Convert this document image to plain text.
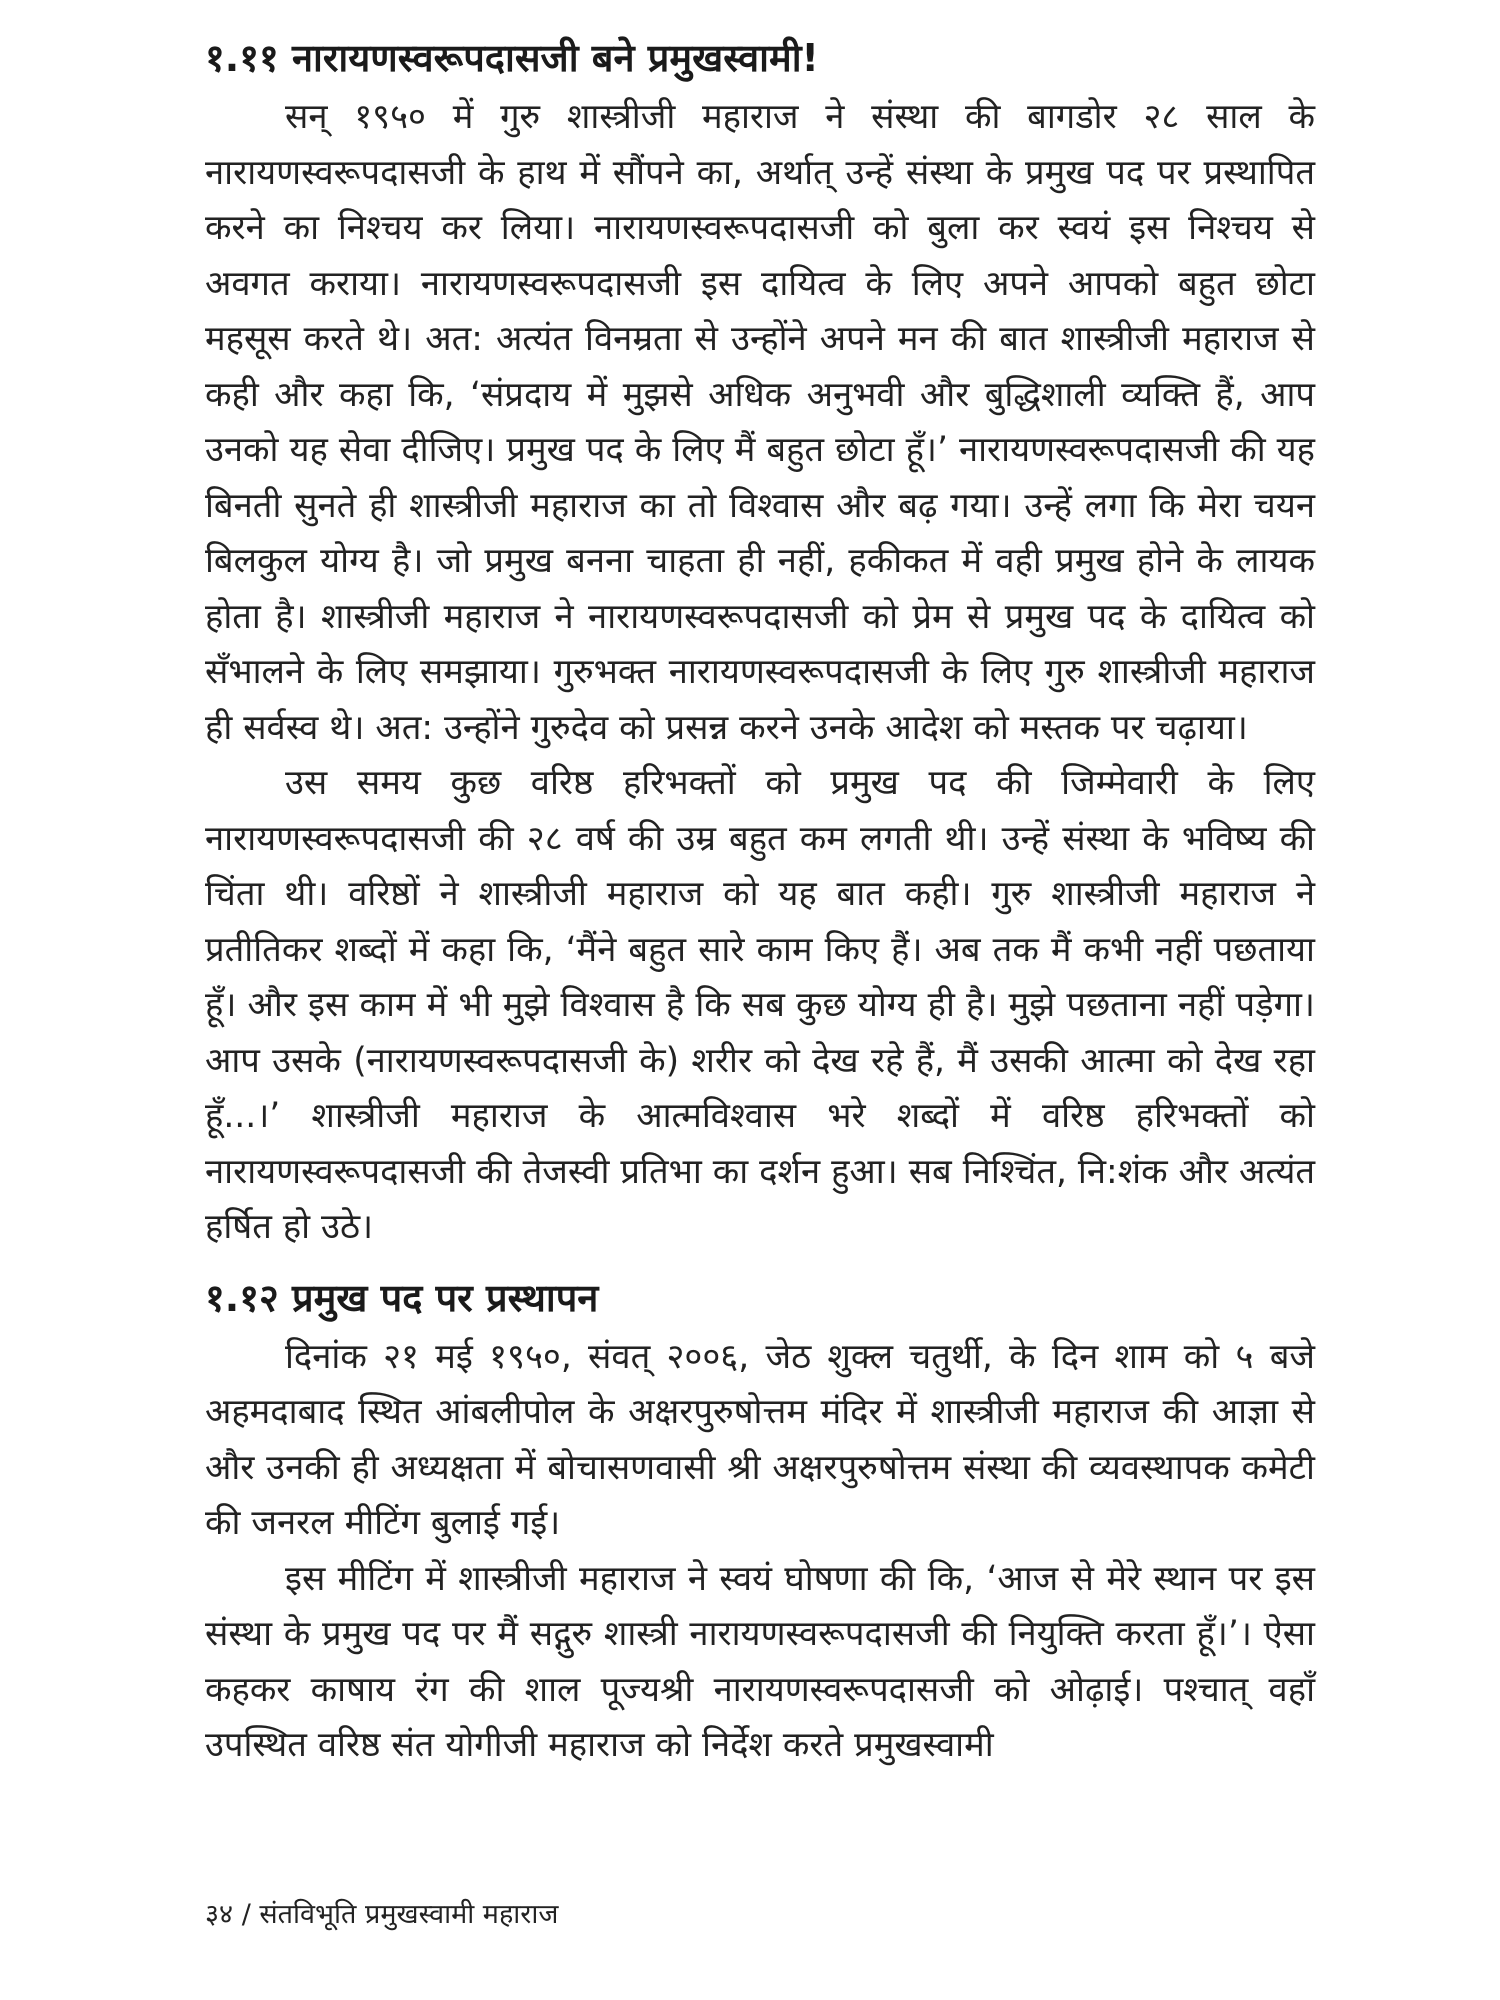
१.११ नारायणस्वरूपदासजी बने प्रमुखस्वामी!

सन् १९५० में गुरु शास्त्रीजी महाराज ने संस्था की बागडोर २८ साल के नारायणस्वरूपदासजी के हाथ में सौंपने का, अर्थात् उन्हें संस्था के प्रमुख पद पर प्रस्थापित करने का निश्चय कर लिया। नारायणस्वरूपदासजी को बुला कर स्वयं इस निश्चय से अवगत कराया। नारायणस्वरूपदासजी इस दायित्व के लिए अपने आपको बहुत छोटा महसूस करते थे। अत: अत्यंत विनम्रता से उन्होंने अपने मन की बात शास्त्रीजी महाराज से कही और कहा कि, ‘संप्रदाय में मुझसे अधिक अनुभवी और बुद्धिशाली व्यक्ति हैं, आप उनको यह सेवा दीजिए। प्रमुख पद के लिए मैं बहुत छोटा हूँ।’ नारायणस्वरूपदासजी की यह बिनती सुनते ही शास्त्रीजी महाराज का तो विश्वास और बढ़ गया। उन्हें लगा कि मेरा चयन बिलकुल योग्य है। जो प्रमुख बनना चाहता ही नहीं, हकीकत में वही प्रमुख होने के लायक होता है। शास्त्रीजी महाराज ने नारायणस्वरूपदासजी को प्रेम से प्रमुख पद के दायित्व को सँभालने के लिए समझाया। गुरुभक्त नारायणस्वरूपदासजी के लिए गुरु शास्त्रीजी महाराज ही सर्वस्व थे। अत: उन्होंने गुरुदेव को प्रसन्न करने उनके आदेश को मस्तक पर चढ़ाया।

उस समय कुछ वरिष्ठ हरिभक्तों को प्रमुख पद की जिम्मेवारी के लिए नारायणस्वरूपदासजी की २८ वर्ष की उम्र बहुत कम लगती थी। उन्हें संस्था के भविष्य की चिंता थी। वरिष्ठों ने शास्त्रीजी महाराज को यह बात कही। गुरु शास्त्रीजी महाराज ने प्रतीतिकर शब्दों में कहा कि, ‘मैंने बहुत सारे काम किए हैं। अब तक मैं कभी नहीं पछताया हूँ। और इस काम में भी मुझे विश्वास है कि सब कुछ योग्य ही है। मुझे पछताना नहीं पड़ेगा। आप उसके (नारायणस्वरूपदासजी के) शरीर को देख रहे हैं, मैं उसकी आत्मा को देख रहा हूँ...।’ शास्त्रीजी महाराज के आत्मविश्वास भरे शब्दों में वरिष्ठ हरिभक्तों को नारायणस्वरूपदासजी की तेजस्वी प्रतिभा का दर्शन हुआ। सब निश्चिंत, नि:शंक और अत्यंत हर्षित हो उठे।

१.१२ प्रमुख पद पर प्रस्थापन

दिनांक २१ मई १९५०, संवत् २००६, जेठ शुक्ल चतुर्थी, के दिन शाम को ५ बजे अहमदाबाद स्थित आंबलीपोल के अक्षरपुरुषोत्तम मंदिर में शास्त्रीजी महाराज की आज्ञा से और उनकी ही अध्यक्षता में बोचासणवासी श्री अक्षरपुरुषोत्तम संस्था की व्यवस्थापक कमेटी की जनरल मीटिंग बुलाई गई।

इस मीटिंग में शास्त्रीजी महाराज ने स्वयं घोषणा की कि, ‘आज से मेरे स्थान पर इस संस्था के प्रमुख पद पर मैं सद्गुरु शास्त्री नारायणस्वरूपदासजी की नियुक्ति करता हूँ।’। ऐसा कहकर काषाय रंग की शाल पूज्यश्री नारायणस्वरूपदासजी को ओढ़ाई। पश्चात् वहाँ उपस्थित वरिष्ठ संत योगीजी महाराज को निर्देश करते प्रमुखस्वामी

३४ / संतविभूति प्रमुखस्वामी महाराज
